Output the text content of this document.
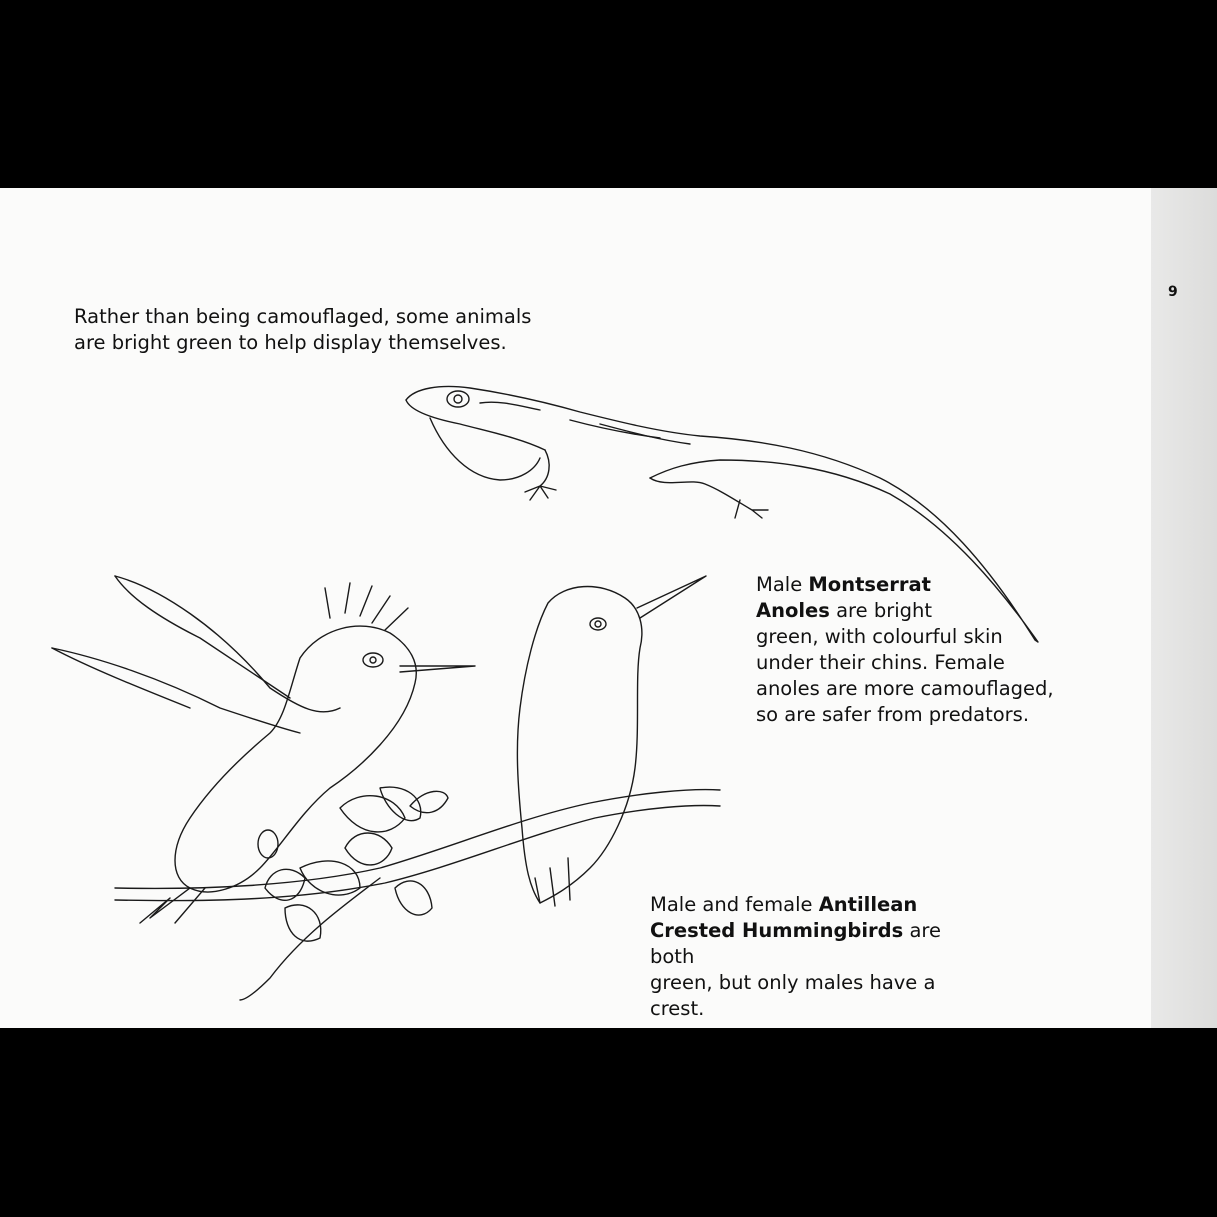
9
Rather than being camouflaged, some animals
are bright green to help display themselves.
Male Montserrat
Anoles are bright
green, with colourful skin
under their chins. Female
anoles are more camouflaged,
so are safer from predators.
Male and female Antillean
Crested Hummingbirds are both
green, but only males have a crest.
